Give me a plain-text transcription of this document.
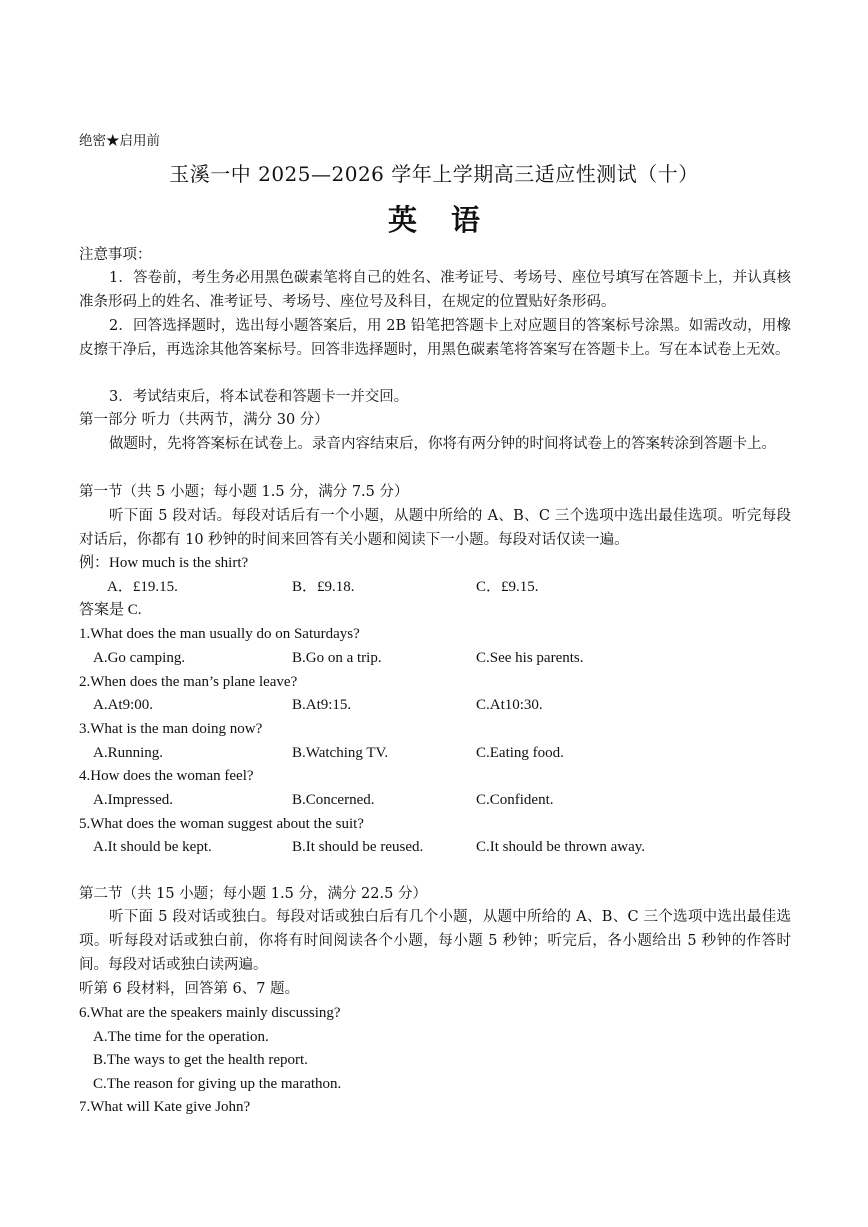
绝密★启用前
玉溪一中 2025—2026 学年上学期高三适应性测试（十）
英语
注意事项：
1．答卷前，考生务必用黑色碳素笔将自己的姓名、准考证号、考场号、座位号填写在答题卡上，并认真核准条形码上的姓名、准考证号、考场号、座位号及科目，在规定的位置贴好条形码。
2．回答选择题时，选出每小题答案后，用 2B 铅笔把答题卡上对应题目的答案标号涂黑。如需改动，用橡皮擦干净后，再选涂其他答案标号。回答非选择题时，用黑色碳素笔将答案写在答题卡上。写在本试卷上无效。
3．考试结束后，将本试卷和答题卡一并交回。
第一部分 听力（共两节，满分 30 分）
做题时，先将答案标在试卷上。录音内容结束后，你将有两分钟的时间将试卷上的答案转涂到答题卡上。
第一节（共 5 小题；每小题 1.5 分，满分 7.5 分）
听下面 5 段对话。每段对话后有一个小题，从题中所给的 A、B、C 三个选项中选出最佳选项。听完每段对话后，你都有 10 秒钟的时间来回答有关小题和阅读下一小题。每段对话仅读一遍。
例：How much is the shirt?
A．£19.15.	B．£9.18.	C．£9.15.
答案是 C.
1.What does the man usually do on Saturdays?
A.Go camping.	B.Go on a trip.	C.See his parents.
2.When does the man’s plane leave?
A.At9:00.	B.At9:15.	C.At10:30.
3.What is the man doing now?
A.Running.	B.Watching TV.	C.Eating food.
4.How does the woman feel?
A.Impressed.	B.Concerned.	C.Confident.
5.What does the woman suggest about the suit?
A.It should be kept.	B.It should be reused.	C.It should be thrown away.
第二节（共 15 小题；每小题 1.5 分，满分 22.5 分）
听下面 5 段对话或独白。每段对话或独白后有几个小题，从题中所给的 A、B、C 三个选项中选出最佳选项。听每段对话或独白前，你将有时间阅读各个小题，每小题 5 秒钟；听完后，各小题给出 5 秒钟的作答时间。每段对话或独白读两遍。
听第 6 段材料，回答第 6、7 题。
6.What are the speakers mainly discussing?
A.The time for the operation.
B.The ways to get the health report.
C.The reason for giving up the marathon.
7.What will Kate give John?
